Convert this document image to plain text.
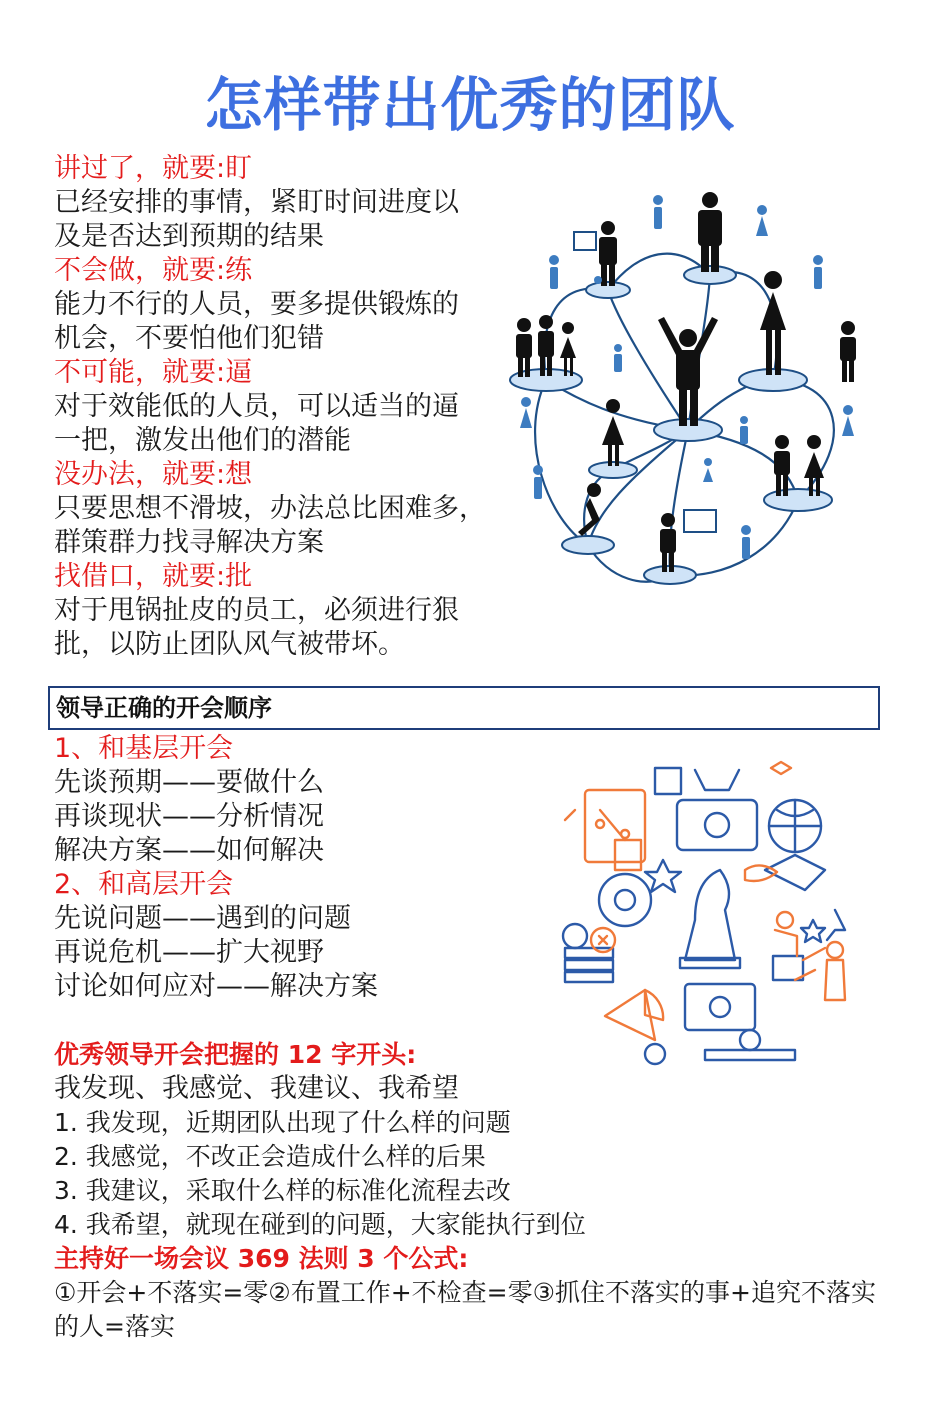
怎样带出优秀的团队
讲过了，就要:盯
已经安排的事情，紧盯时间进度以
及是否达到预期的结果
不会做，就要:练
能力不行的人员，要多提供锻炼的
机会，不要怕他们犯错
不可能，就要:逼
对于效能低的人员，可以适当的逼
一把，激发出他们的潜能
没办法，就要:想
只要思想不滑坡，办法总比困难多，
群策群力找寻解决方案
找借口，就要:批
对于甩锅扯皮的员工，必须进行狠
批，以防止团队风气被带坏。
领导正确的开会顺序
1、和基层开会
先谈预期——要做什么
再谈现状——分析情况
解决方案——如何解决
2、和高层开会
先说问题——遇到的问题
再说危机——扩大视野
讨论如何应对——解决方案
优秀领导开会把握的 12 字开头:
我发现、我感觉、我建议、我希望
1. 我发现，近期团队出现了什么样的问题
2. 我感觉，不改正会造成什么样的后果
3. 我建议，采取什么样的标准化流程去改
4. 我希望，就现在碰到的问题，大家能执行到位
主持好一场会议 369 法则 3 个公式:
①开会+不落实=零②布置工作+不检查=零③抓住不落实的事+追究不落实的人=落实
